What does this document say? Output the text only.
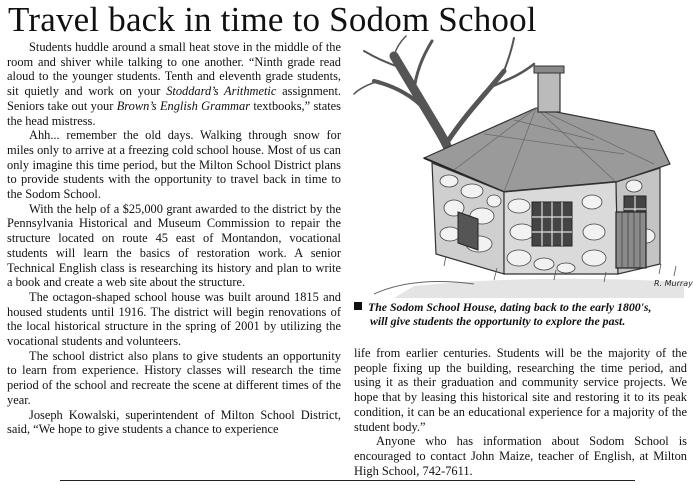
Travel back in time to Sodom School

Students huddle around a small heat stove in the middle of the room and shiver while talking to one another. “Ninth grade read aloud to the younger students. Tenth and eleventh grade students, sit quietly and work on your Stoddard’s Arithmetic assignment. Seniors take out your Brown’s English Grammar textbooks,” states the head mistress.

Ahh... remember the old days. Walking through snow for miles only to arrive at a freezing cold school house. Most of us can only imagine this time period, but the Milton School District plans to provide students with the opportunity to travel back in time to the Sodom School.

With the help of a $25,000 grant awarded to the district by the Pennsylvania Historical and Museum Commission to repair the structure located on route 45 east of Montandon, vocational students will learn the basics of restoration work. A senior Technical English class is researching its history and plan to write a book and create a web site about the structure.

The octagon-shaped school house was built around 1815 and housed students until 1916. The district will begin renovations of the local historical structure in the spring of 2001 by utilizing the vocational students and volunteers.

The school district also plans to give students an opportunity to learn from experience. History classes will research the time period of the school and recreate the scene at different times of the year.

Joseph Kowalski, superintendent of Milton School District, said, “We hope to give students a chance to experience

R. Murray
The Sodom School House, dating back to the early 1800's,
will give students the opportunity to explore the past.

life from earlier centuries. Students will be the majority of the people fixing up the building, researching the time period, and using it as their graduation and community service projects. We hope that by leasing this historical site and restoring it to its peak condition, it can be an educational experience for a majority of the student body.”

Anyone who has information about Sodom School is encouraged to contact John Maize, teacher of English, at Milton High School, 742-7611.
